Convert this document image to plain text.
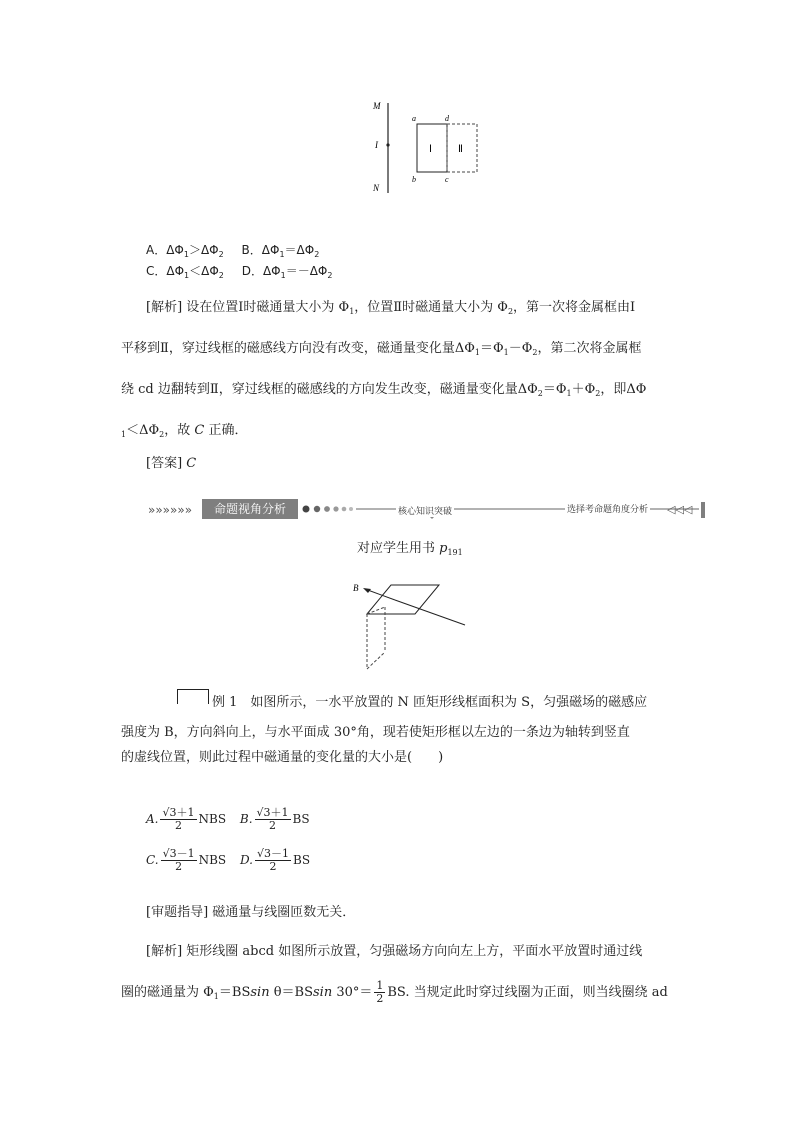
M
I
N
a	d
b	c
Ⅰ	Ⅱ
A．$\Delta\Phi_1>\Delta\Phi_2$ B．$\Delta\Phi_1=\Delta\Phi_2$
C．$\Delta\Phi_1<\Delta\Phi_2$ D．$\Delta\Phi_1=-\Delta\Phi_2$
[解析] 设在位置Ⅰ时磁通量大小为 $\Phi_1$，位置Ⅱ时磁通量大小为 $\Phi_2$，第一次将金属框由Ⅰ
平移到Ⅱ，穿过线框的磁感线方向没有改变，磁通量变化量$\Delta\Phi_1=\Phi_1-\Phi_2$，第二次将金属框
绕 cd 边翻转到Ⅱ，穿过线框的磁感线的方向发生改变，磁通量变化量$\Delta\Phi_2=\Phi_1+\Phi_2$，即ΔΦ
$_1<\Delta\Phi_2$，故 C 正确．
[答案] C
»»»»»»	◁◁◁
命题视角分析	核心知识突破	选择考命题角度分析
对应学生用书 $p_{191}$
B
例 1　如图所示，一水平放置的 N 匝矩形线框面积为 S，匀强磁场的磁感应
强度为 B，方向斜向上，与水平面成 30°角，现若使矩形框以左边的一条边为轴转到竖直
的虚线位置，则此过程中磁通量的变化量的大小是(　　)
A. $\frac{√3+1}{2}$ NBS B. $\frac{√3+1}{2}$ BS
C. $\frac{√3-1}{2}$ NBS D. $\frac{√3-1}{2}$ BS
[审题指导] 磁通量与线圈匝数无关．
[解析] 矩形线圈 abcd 如图所示放置，匀强磁场方向向左上方，平面水平放置时通过线
圈的磁通量为 $\Phi_1=BSsin$ θ＝BSsin $30^\circ= \frac{1}{2}$ BS. 当规定此时穿过线圈为正面，则当线圈绕 ad
